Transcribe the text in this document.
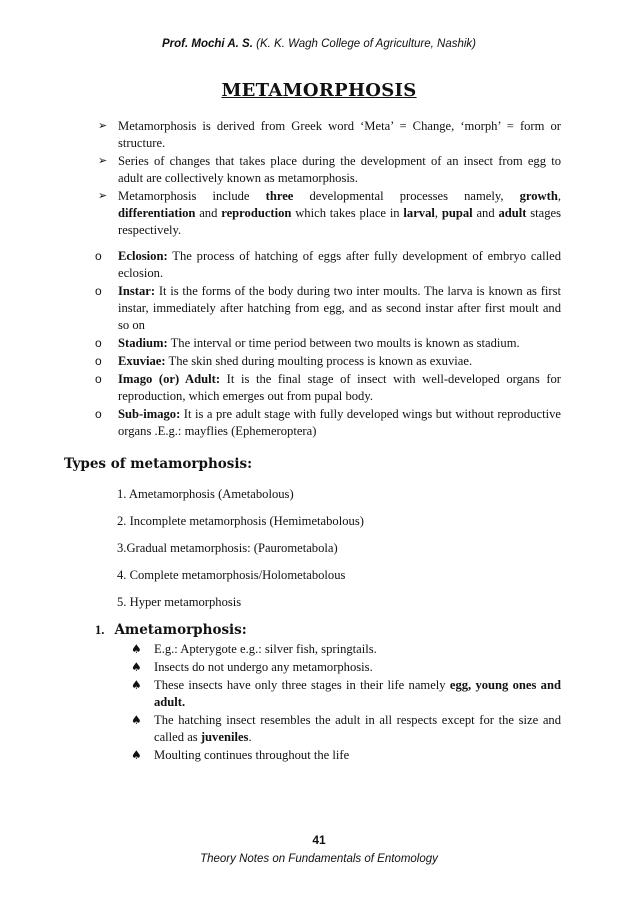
Prof. Mochi A. S. (K. K. Wagh College of Agriculture, Nashik)
METAMORPHOSIS
➢ Metamorphosis is derived from Greek word ‘Meta’ = Change, ‘morph’ = form or structure.
➢ Series of changes that takes place during the development of an insect from egg to adult are collectively known as metamorphosis.
➢ Metamorphosis include three developmental processes namely, growth, differentiation and reproduction which takes place in larval, pupal and adult stages respectively.
o	Eclosion: The process of hatching of eggs after fully development of embryo called eclosion.
o	Instar: It is the forms of the body during two inter moults. The larva is known as first instar, immediately after hatching from egg, and as second instar after first moult and so on
o	Stadium: The interval or time period between two moults is known as stadium.
o	Exuviae: The skin shed during moulting process is known as exuviae.
o	Imago (or) Adult: It is the final stage of insect with well-developed organs for reproduction, which emerges out from pupal body.
o	Sub-imago: It is a pre adult stage with fully developed wings but without reproductive organs .E.g.: mayflies (Ephemeroptera)
Types of metamorphosis:
1. Ametamorphosis (Ametabolous)
2. Incomplete metamorphosis (Hemimetabolous)
3.Gradual metamorphosis: (Paurometabola)
4. Complete metamorphosis/Holometabolous
5. Hyper metamorphosis
1. Ametamorphosis:
♠ E.g.: Apterygote e.g.: silver fish, springtails.
♠ Insects do not undergo any metamorphosis.
♠ These insects have only three stages in their life namely egg, young ones and adult.
♠ The hatching insect resembles the adult in all respects except for the size and called as juveniles.
♠ Moulting continues throughout the life
41
Theory Notes on Fundamentals of Entomology
